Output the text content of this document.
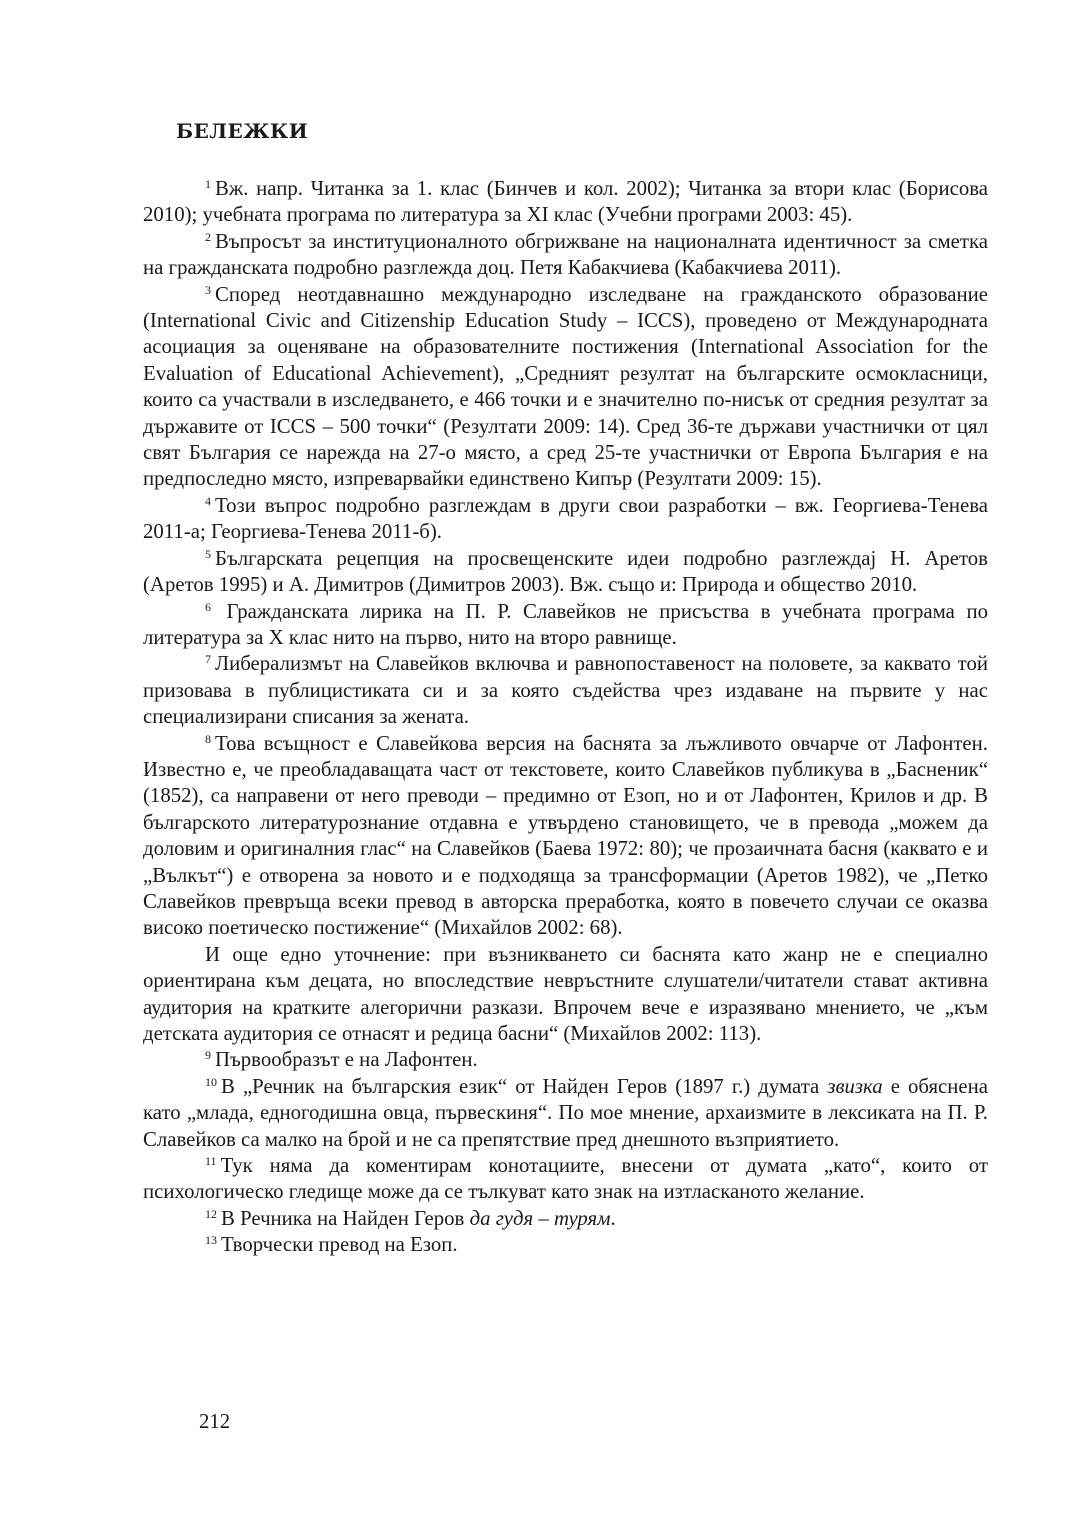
БЕЛЕЖКИ

$^1$ Вж. напр. Читанка за 1. клас (Бинчев и кол. 2002); Читанка за втори клас (Борисова 2010); учебната програма по литература за XI клас (Учебни програми 2003: 45).

$^2$ Въпросът за институционалното обгрижване на националната идентичност за сметка на гражданската подробно разглежда доц. Петя Кабакчиева (Кабакчиева 2011).

$^3$ Според неотдавнашно международно изследване на гражданското образование (International Civic and Citizenship Education Study – ICCS), проведено от Международната асоциация за оценяване на образователните постижения (International Association for the Evaluation of Educational Achievement), „Средният резултат на българските осмокласници, които са участвали в изследването, е 466 точки и е значително по-нисък от средния резултат за държавите от ICCS – 500 точки“ (Резултати 2009: 14). Сред 36-те държави участнички от цял свят България се нарежда на 27-о място, а сред 25-те участнички от Европа България е на предпоследно място, изпреварвайки единствено Кипър (Резултати 2009: 15).

$^4$ Този въпрос подробно разглеждам в други свои разработки – вж. Георгиева-Тенева 2011-а; Георгиева-Тенева 2011-б).

$^5$ Българската рецепция на просвещенските идеи подробно разглеждај Н. Аретов (Аретов 1995) и А. Димитров (Димитров 2003). Вж. също и: Природа и общество 2010.

$^6$ Гражданската лирика на П. Р. Славейков не присъства в учебната програма по литература за X клас нито на първо, нито на второ равнище.

$^7$ Либерализмът на Славейков включва и равнопоставеност на половете, за каквато той призовава в публицистиката си и за която съдейства чрез издаване на първите у нас специализирани списания за жената.

$^8$ Това всъщност е Славейкова версия на баснята за лъжливото овчарче от Лафонтен. Известно е, че преобладаващата част от текстовете, които Славейков публикува в „Басненик“ (1852), са направени от него преводи – предимно от Езоп, но и от Лафонтен, Крилов и др. В българското литературознание отдавна е утвърдено становището, че в превода „можем да доловим и оригиналния глас“ на Славейков (Баева 1972: 80); че прозаичната басня (каквато е и „Вълкът“) е отворена за новото и е подходяща за трансформации (Аретов 1982), че „Петко Славейков превръща всеки превод в авторска преработка, която в повечето случаи се оказва високо поетическо постижение“ (Михайлов 2002: 68).

И още едно уточнение: при възникването си баснята като жанр не е специално ориентирана към децата, но впоследствие невръстните слушатели/читатели стават активна аудитория на кратките алегорични разкази. Впрочем вече е изразявано мнението, че „към детската аудитория се отнасят и редица басни“ (Михайлов 2002: 113).

$^9$ Първообразът е на Лафонтен.

$^{10}$ В „Речник на българския език“ от Найден Геров (1897 г.) думата звизка е обяснена като „млада, едногодишна овца, първескиня“. По мое мнение, архаизмите в лексиката на П. Р. Славейков са малко на брой и не са препятствие пред днешното възприятието.

$^{11}$ Тук няма да коментирам конотациите, внесени от думата „като“, които от психологическо гледище може да се тълкуват като знак на изтласканото желание.

$^{12}$ В Речника на Найден Геров да гудя – турям.

$^{13}$ Творчески превод на Езоп.

212
